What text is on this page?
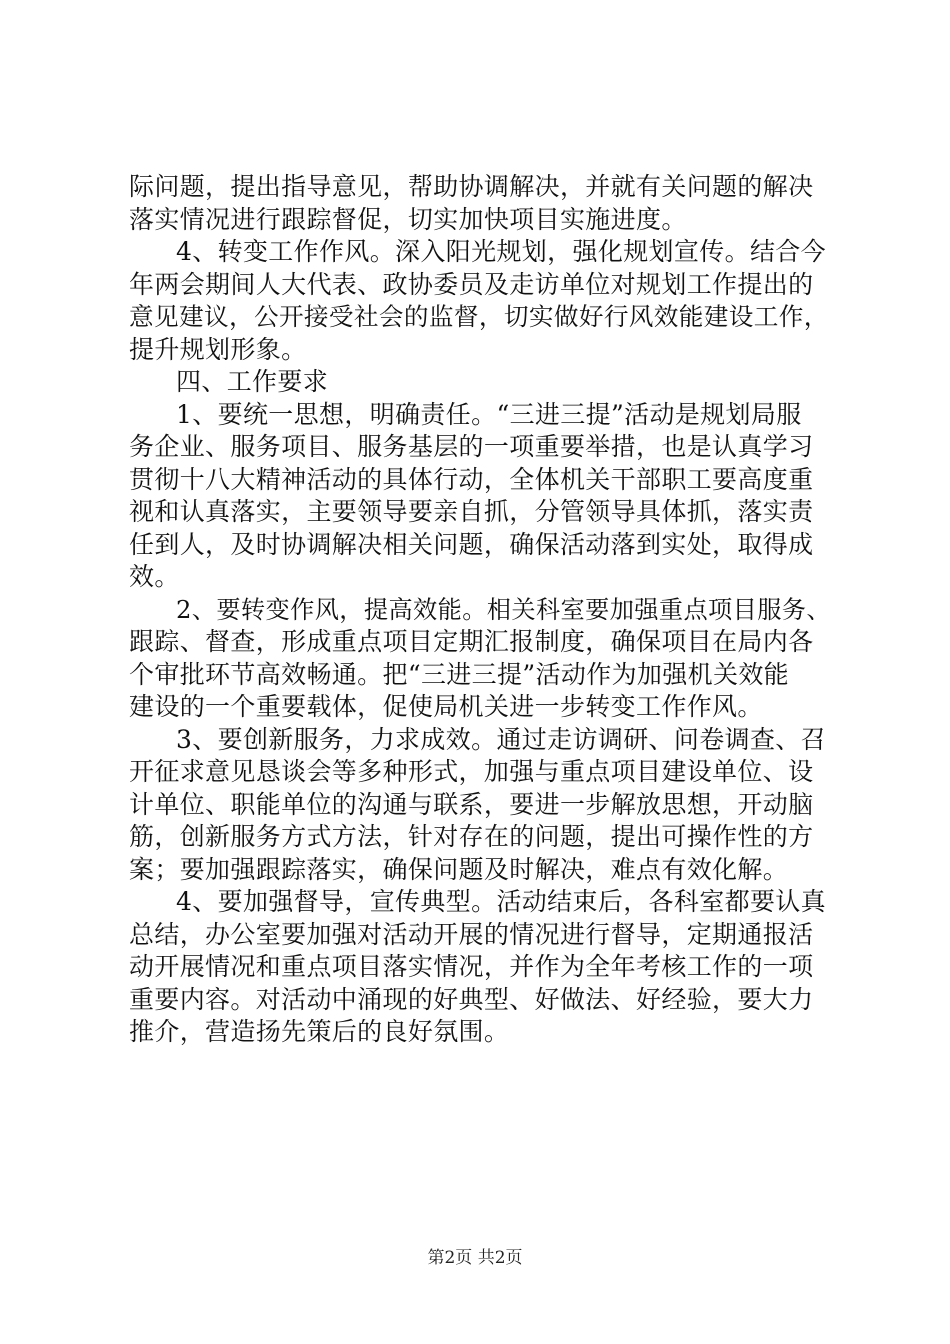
际问题，提出指导意见，帮助协调解决，并就有关问题的解决
落实情况进行跟踪督促，切实加快项目实施进度。
4、转变工作作风。深入阳光规划，强化规划宣传。结合今
年两会期间人大代表、政协委员及走访单位对规划工作提出的
意见建议，公开接受社会的监督，切实做好行风效能建设工作，
提升规划形象。
四、工作要求
1、要统一思想，明确责任。“三进三提”活动是规划局服
务企业、服务项目、服务基层的一项重要举措，也是认真学习
贯彻十八大精神活动的具体行动，全体机关干部职工要高度重
视和认真落实，主要领导要亲自抓，分管领导具体抓，落实责
任到人，及时协调解决相关问题，确保活动落到实处，取得成
效。
2、要转变作风，提高效能。相关科室要加强重点项目服务、
跟踪、督查，形成重点项目定期汇报制度，确保项目在局内各
个审批环节高效畅通。把“三进三提”活动作为加强机关效能
建设的一个重要载体，促使局机关进一步转变工作作风。
3、要创新服务，力求成效。通过走访调研、问卷调查、召
开征求意见恳谈会等多种形式，加强与重点项目建设单位、设
计单位、职能单位的沟通与联系，要进一步解放思想，开动脑
筋，创新服务方式方法，针对存在的问题，提出可操作性的方
案；要加强跟踪落实，确保问题及时解决，难点有效化解。
4、要加强督导，宣传典型。活动结束后，各科室都要认真
总结，办公室要加强对活动开展的情况进行督导，定期通报活
动开展情况和重点项目落实情况，并作为全年考核工作的一项
重要内容。对活动中涌现的好典型、好做法、好经验，要大力
推介，营造扬先策后的良好氛围。
第2页 共2页
